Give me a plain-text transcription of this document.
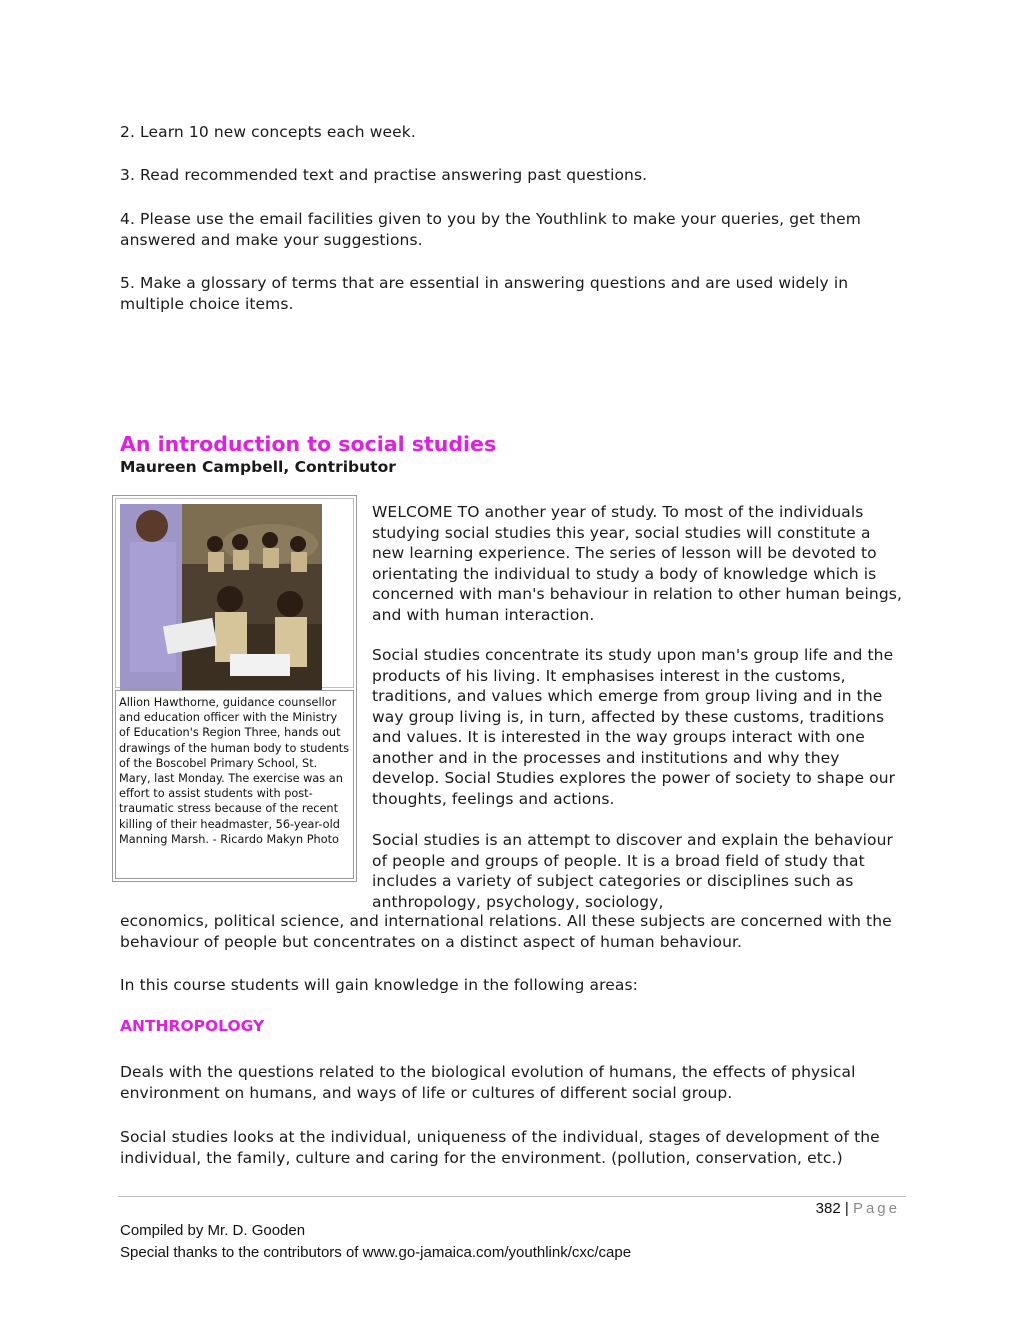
2. Learn 10 new concepts each week.

3. Read recommended text and practise answering past questions.

4. Please use the email facilities given to you by the Youthlink to make your queries, get them answered and make your suggestions.

5. Make a glossary of terms that are essential in answering questions and are used widely in multiple choice items.

An introduction to social studies

Maureen Campbell, Contributor

Allion Hawthorne, guidance counsellor and education officer with the Ministry of Education's Region Three, hands out drawings of the human body to students of the Boscobel Primary School, St. Mary, last Monday. The exercise was an effort to assist students with post-traumatic stress because of the recent killing of their headmaster, 56-year-old Manning Marsh. - Ricardo Makyn Photo

WELCOME TO another year of study. To most of the individuals studying social studies this year, social studies will constitute a new learning experience. The series of lesson will be devoted to orientating the individual to study a body of knowledge which is concerned with man's behaviour in relation to other human beings, and with human interaction.

Social studies concentrate its study upon man's group life and the products of his living. It emphasises interest in the customs, traditions, and values which emerge from group living and in the way group living is, in turn, affected by these customs, traditions and values. It is interested in the way groups interact with one another and in the processes and institutions and why they develop. Social Studies explores the power of society to shape our thoughts, feelings and actions.

Social studies is an attempt to discover and explain the behaviour of people and groups of people. It is a broad field of study that includes a variety of subject categories or disciplines such as anthropology, psychology, sociology,

economics, political science, and international relations. All these subjects are concerned with the behaviour of people but concentrates on a distinct aspect of human behaviour.

In this course students will gain knowledge in the following areas:

ANTHROPOLOGY

Deals with the questions related to the biological evolution of humans, the effects of physical environment on humans, and ways of life or cultures of different social group.

Social studies looks at the individual, uniqueness of the individual, stages of development of the individual, the family, culture and caring for the environment. (pollution, conservation, etc.)

382 | Page

Compiled by Mr. D. Gooden

Special thanks to the contributors of www.go-jamaica.com/youthlink/cxc/cape
